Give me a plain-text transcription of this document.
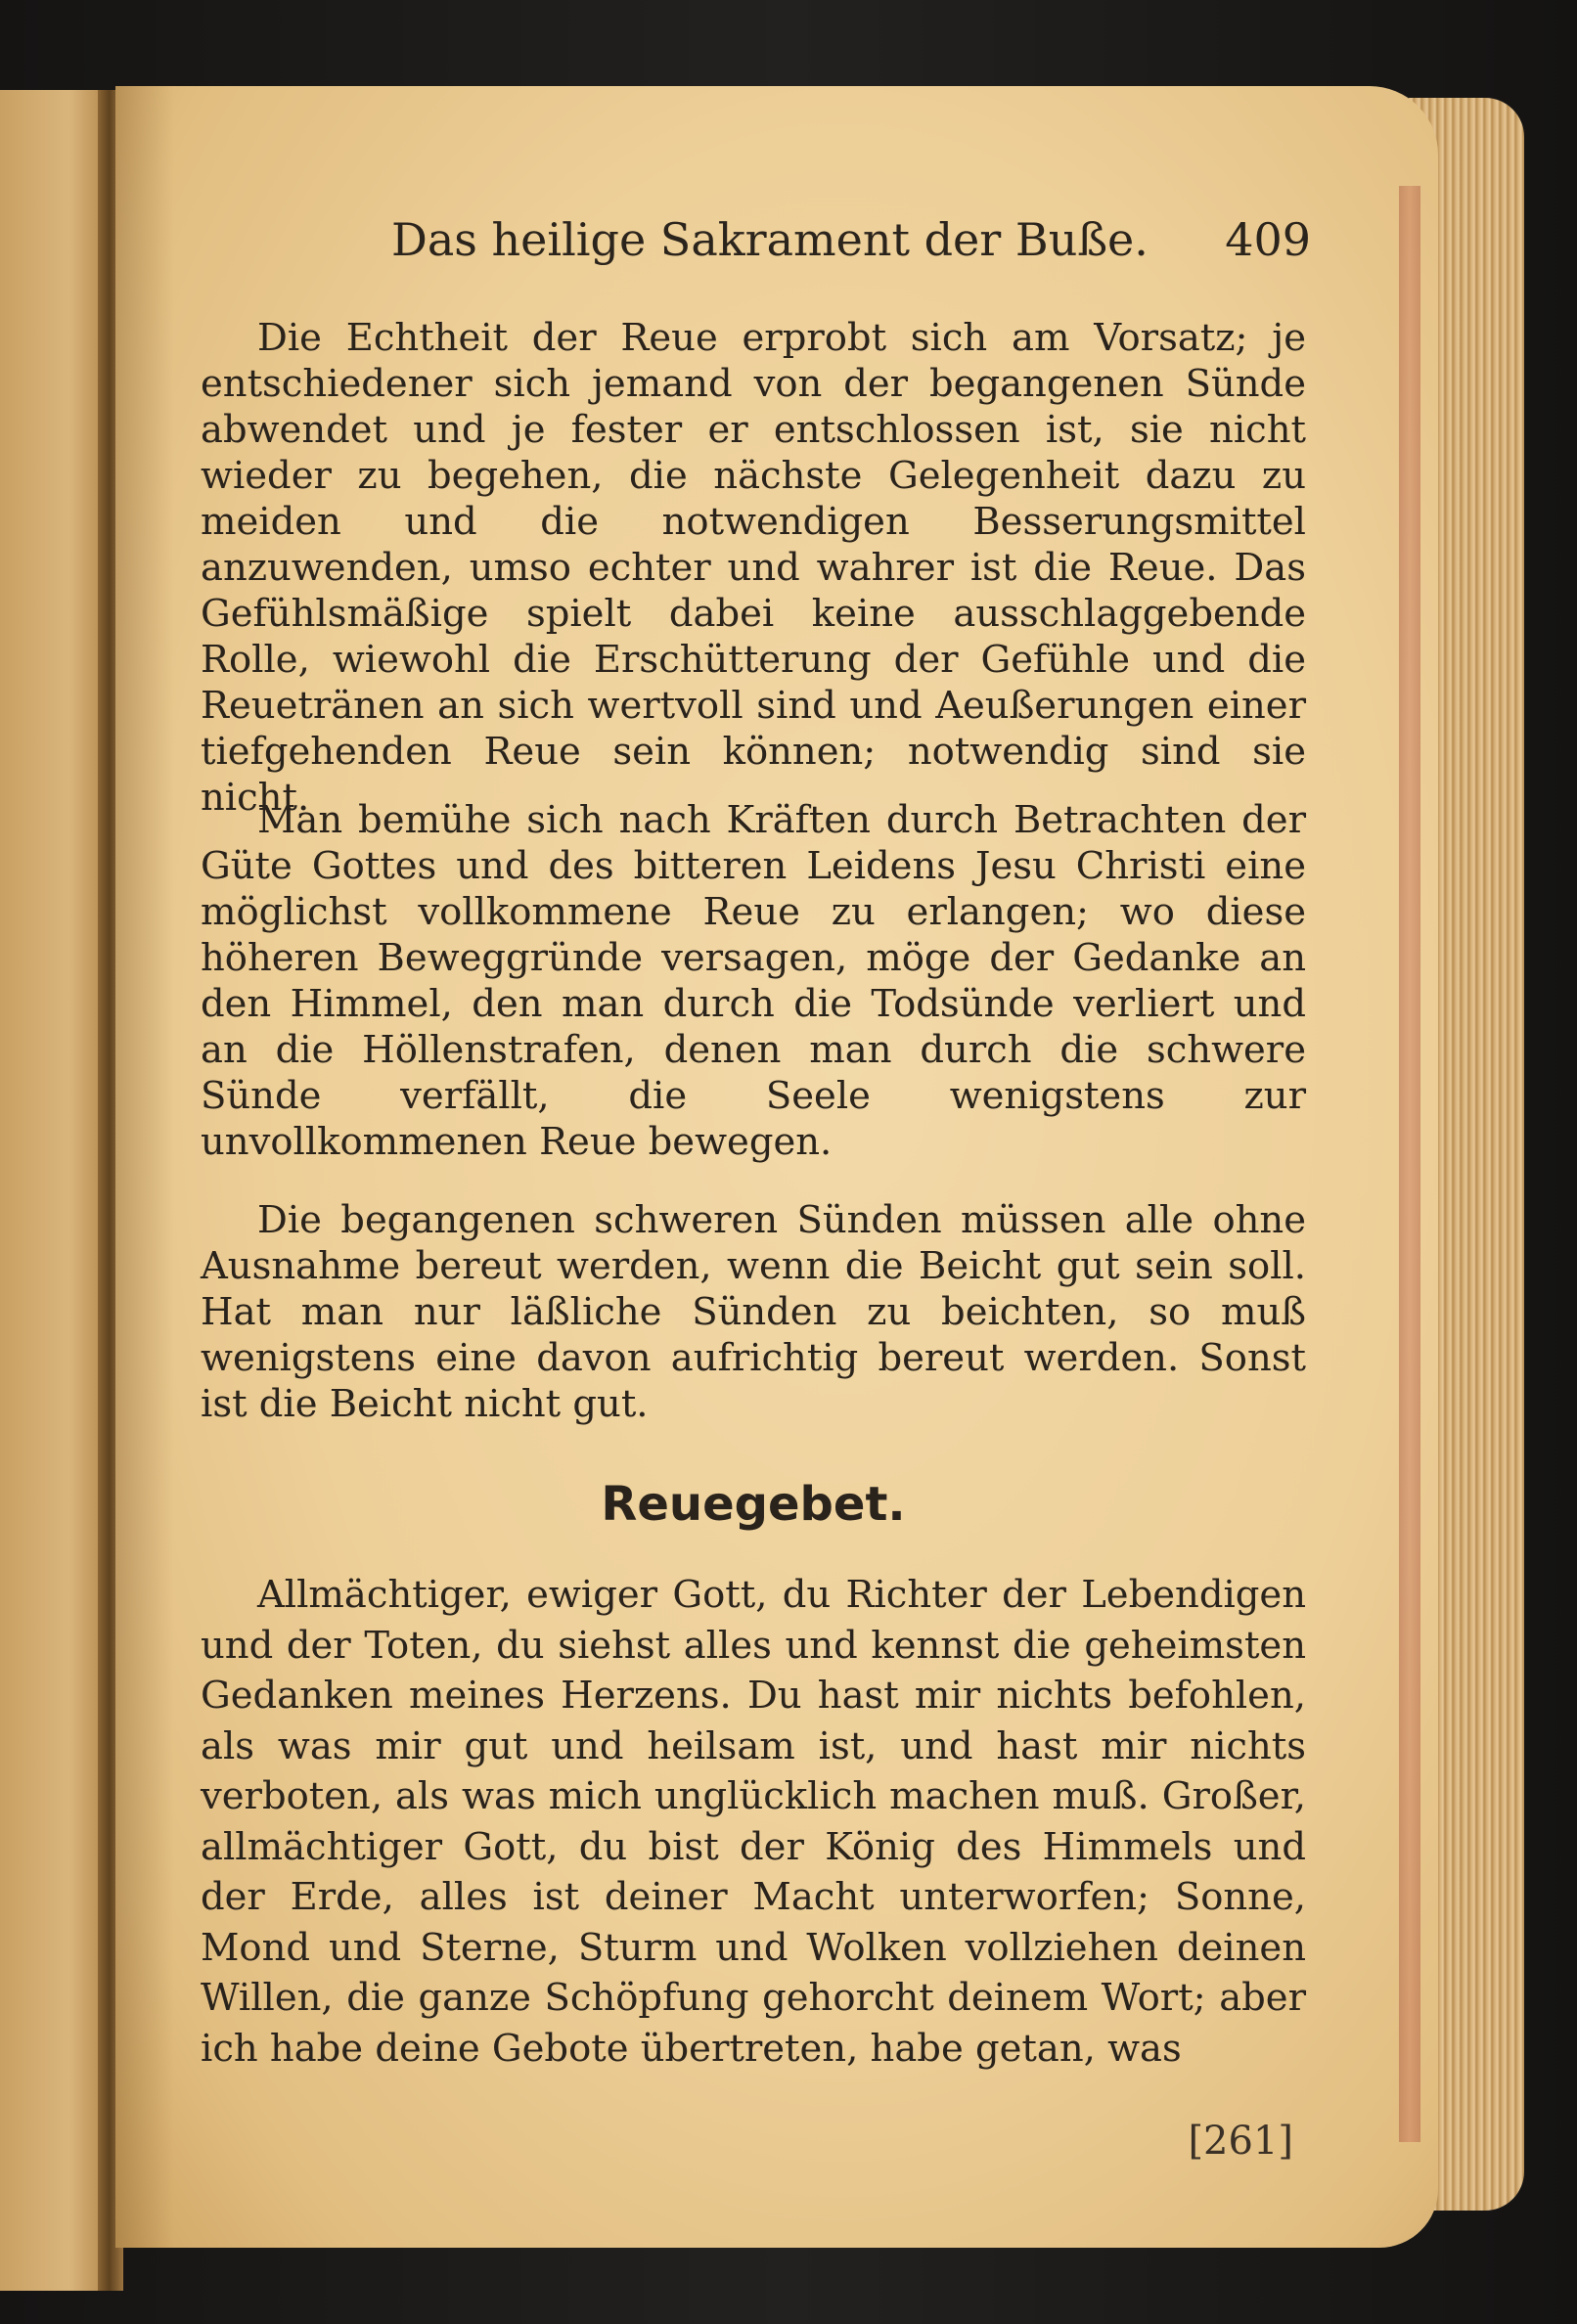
Das heilige Sakrament der Buße. 409

Die Echtheit der Reue erprobt sich am Vorsatz; je entschiedener sich jemand von der begangenen Sünde abwendet und je fester er entschlossen ist, sie nicht wieder zu begehen, die nächste Gelegenheit dazu zu meiden und die notwendigen Besserungsmittel anzuwenden, umso echter und wahrer ist die Reue. Das Gefühlsmäßige spielt dabei keine ausschlaggebende Rolle, wiewohl die Erschütterung der Gefühle und die Reuetränen an sich wertvoll sind und Aeußerungen einer tiefgehenden Reue sein können; notwendig sind sie nicht.

Man bemühe sich nach Kräften durch Betrachten der Güte Gottes und des bitteren Leidens Jesu Christi eine möglichst vollkommene Reue zu erlangen; wo diese höheren Beweggründe versagen, möge der Gedanke an den Himmel, den man durch die Todsünde verliert und an die Höllenstrafen, denen man durch die schwere Sünde verfällt, die Seele wenigstens zur unvollkommenen Reue bewegen.

Die begangenen schweren Sünden müssen alle ohne Ausnahme bereut werden, wenn die Beicht gut sein soll. Hat man nur läßliche Sünden zu beichten, so muß wenigstens eine davon aufrichtig bereut werden. Sonst ist die Beicht nicht gut.

Reuegebet.

Allmächtiger, ewiger Gott, du Richter der Lebendigen und der Toten, du siehst alles und kennst die geheimsten Gedanken meines Herzens. Du hast mir nichts befohlen, als was mir gut und heilsam ist, und hast mir nichts verboten, als was mich unglücklich machen muß. Großer, allmächtiger Gott, du bist der König des Himmels und der Erde, alles ist deiner Macht unterworfen; Sonne, Mond und Sterne, Sturm und Wolken vollziehen deinen Willen, die ganze Schöpfung gehorcht deinem Wort; aber ich habe deine Gebote übertreten, habe getan, was

[261]
